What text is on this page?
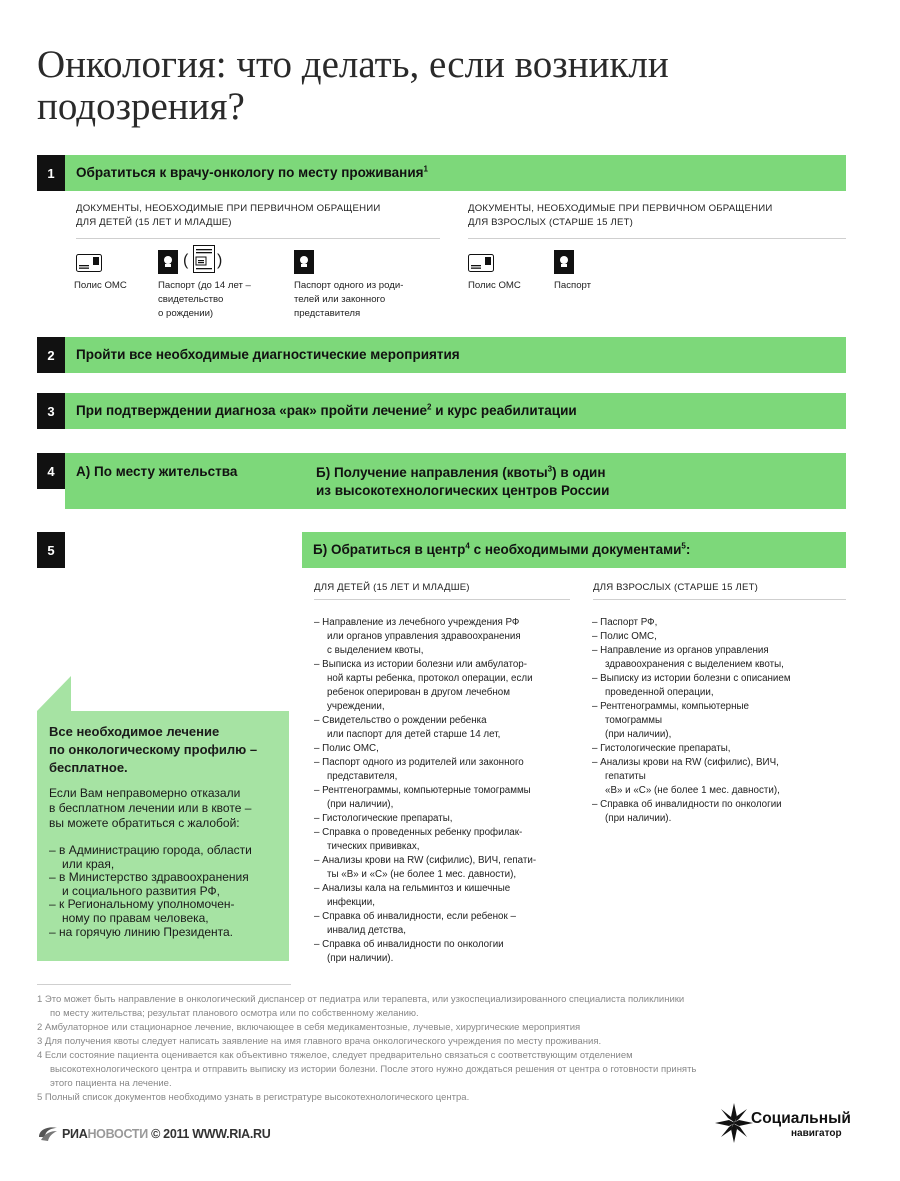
Онкология: что делать, если возникли
подозрения?
1 Обратиться к врачу-онкологу по месту проживания$^1$
ДОКУМЕНТЫ, НЕОБХОДИМЫЕ ПРИ ПЕРВИЧНОМ ОБРАЩЕНИИ
ДЛЯ ДЕТЕЙ (15 ЛЕТ И МЛАДШЕ)
ДОКУМЕНТЫ, НЕОБХОДИМЫЕ ПРИ ПЕРВИЧНОМ ОБРАЩЕНИИ
ДЛЯ ВЗРОСЛЫХ (СТАРШЕ 15 ЛЕТ)
( )
Полис ОМС	Паспорт (до 14 лет –
свидетельство
о рождении)
Паспорт одного из роди-
телей или законного
представителя
Полис ОМС	Паспорт
2 Пройти все необходимые диагностические мероприятия
3 При подтверждении диагноза «рак» пройти лечение$^2$ и курс реабилитации
4 А) По месту жительства	Б) Получение направления (квоты$^3$) в один
из высокотехнологических центров России
5	Б) Обратиться в центр$^4$ с необходимыми документами$^5$:
ДЛЯ ДЕТЕЙ (15 ЛЕТ И МЛАДШЕ)	ДЛЯ ВЗРОСЛЫХ (СТАРШЕ 15 ЛЕТ)
– Направление из лечебного учреждения РФ
или органов управления здравоохранения
с выделением квоты,
– Выписка из истории болезни или амбулатор-
ной карты ребенка, протокол операции, если
ребенок оперирован в другом лечебном
учреждении,
– Свидетельство о рождении ребенка
или паспорт для детей старше 14 лет,
– Полис ОМС,
– Паспорт одного из родителей или законного
представителя,
– Рентгенограммы, компьютерные томограммы
(при наличии),
– Гистологические препараты,
– Справка о проведенных ребенку профилак-
тических прививках,
– Анализы крови на RW (сифилис), ВИЧ, гепати-
ты «В» и «С» (не более 1 мес. давности),
– Анализы кала на гельминтоз и кишечные
инфекции,
– Справка об инвалидности, если ребенок –
инвалид детства,
– Справка об инвалидности по онкологии
(при наличии).
– Паспорт РФ,
– Полис ОМС,
– Направление из органов управления
здравоохранения с выделением квоты,
– Выписку из истории болезни с описанием
проведенной операции,
– Рентгенограммы, компьютерные
томограммы
(при наличии),
– Гистологические препараты,
– Анализы крови на RW (сифилис), ВИЧ,
гепатиты
«В» и «С» (не более 1 мес. давности),
– Справка об инвалидности по онкологии
(при наличии).
Все необходимое лечение
по онкологическому профилю –
бесплатное.
Если Вам неправомерно отказали
в бесплатном лечении или в квоте –
вы можете обратиться с жалобой:
– в Администрацию города, области
или края,
– в Министерство здравоохранения
и социального развития РФ,
– к Региональному уполномочен-
ному по правам человека,
– на горячую линию Президента.
1 Это может быть направление в онкологический диспансер от педиатра или терапевта, или узкоспециализированного специалиста поликлиники
по месту жительства; результат планового осмотра или по собственному желанию.
2 Амбулаторное или стационарное лечение, включающее в себя медикаментозные, лучевые, хирургические мероприятия
3 Для получения квоты следует написать заявление на имя главного врача онкологического учреждения по месту проживания.
4 Если состояние пациента оценивается как объективно тяжелое, следует предварительно связаться с соответствующим отделением
высокотехнологического центра и отправить выписку из истории болезни. После этого нужно дождаться решения от центра о готовности принять
этого пациента на лечение.
5 Полный список документов необходимо узнать в регистратуре высокотехнологического центра.
РИАНОВОСТИ © 2011 WWW.RIA.RU
Социальный
навигатор
